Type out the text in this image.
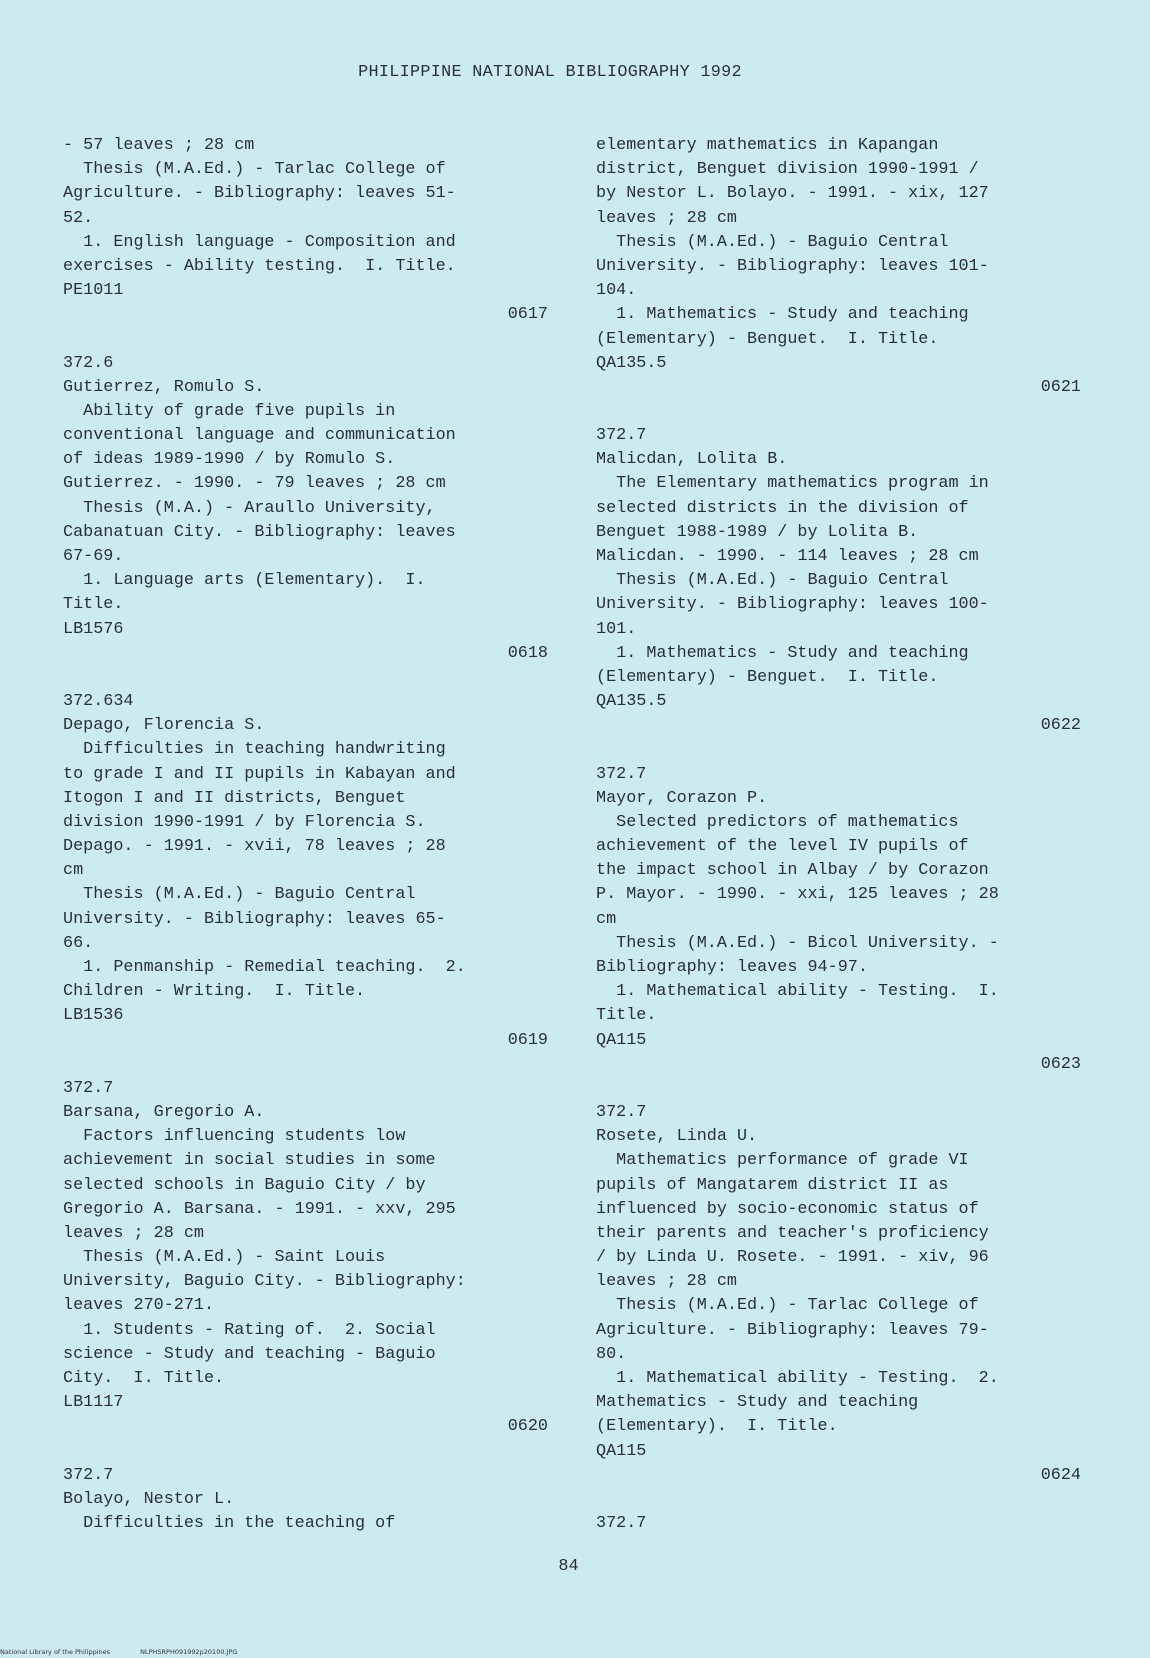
PHILIPPINE NATIONAL BIBLIOGRAPHY 1992
- 57 leaves ; 28 cm
Thesis (M.A.Ed.) - Tarlac College of
Agriculture. - Bibliography: leaves 51-
52.
1. English language - Composition and
exercises - Ability testing.  I. Title.
PE1011
0617
372.6
Gutierrez, Romulo S.
Ability of grade five pupils in
conventional language and communication
of ideas 1989-1990 / by Romulo S.
Gutierrez. - 1990. - 79 leaves ; 28 cm
Thesis (M.A.) - Araullo University,
Cabanatuan City. - Bibliography: leaves
67-69.
1. Language arts (Elementary).  I.
Title.
LB1576
0618
372.634
Depago, Florencia S.
Difficulties in teaching handwriting
to grade I and II pupils in Kabayan and
Itogon I and II districts, Benguet
division 1990-1991 / by Florencia S.
Depago. - 1991. - xvii, 78 leaves ; 28
cm
Thesis (M.A.Ed.) - Baguio Central
University. - Bibliography: leaves 65-
66.
1. Penmanship - Remedial teaching.  2.
Children - Writing.  I. Title.
LB1536
0619
372.7
Barsana, Gregorio A.
Factors influencing students low
achievement in social studies in some
selected schools in Baguio City / by
Gregorio A. Barsana. - 1991. - xxv, 295
leaves ; 28 cm
Thesis (M.A.Ed.) - Saint Louis
University, Baguio City. - Bibliography:
leaves 270-271.
1. Students - Rating of.  2. Social
science - Study and teaching - Baguio
City.  I. Title.
LB1117
0620
372.7
Bolayo, Nestor L.
Difficulties in the teaching of
elementary mathematics in Kapangan
district, Benguet division 1990-1991 /
by Nestor L. Bolayo. - 1991. - xix, 127
leaves ; 28 cm
Thesis (M.A.Ed.) - Baguio Central
University. - Bibliography: leaves 101-
104.
1. Mathematics - Study and teaching
(Elementary) - Benguet.  I. Title.
QA135.5
0621
372.7
Malicdan, Lolita B.
The Elementary mathematics program in
selected districts in the division of
Benguet 1988-1989 / by Lolita B.
Malicdan. - 1990. - 114 leaves ; 28 cm
Thesis (M.A.Ed.) - Baguio Central
University. - Bibliography: leaves 100-
101.
1. Mathematics - Study and teaching
(Elementary) - Benguet.  I. Title.
QA135.5
0622
372.7
Mayor, Corazon P.
Selected predictors of mathematics
achievement of the level IV pupils of
the impact school in Albay / by Corazon
P. Mayor. - 1990. - xxi, 125 leaves ; 28
cm
Thesis (M.A.Ed.) - Bicol University. -
Bibliography: leaves 94-97.
1. Mathematical ability - Testing.  I.
Title.
QA115
0623
372.7
Rosete, Linda U.
Mathematics performance of grade VI
pupils of Mangatarem district II as
influenced by socio-economic status of
their parents and teacher's proficiency
/ by Linda U. Rosete. - 1991. - xiv, 96
leaves ; 28 cm
Thesis (M.A.Ed.) - Tarlac College of
Agriculture. - Bibliography: leaves 79-
80.
1. Mathematical ability - Testing.  2.
Mathematics - Study and teaching
(Elementary).  I. Title.
QA115
0624
372.7
84
National Library of the Philippines	NLPHSRPH091992p20100.JPG
